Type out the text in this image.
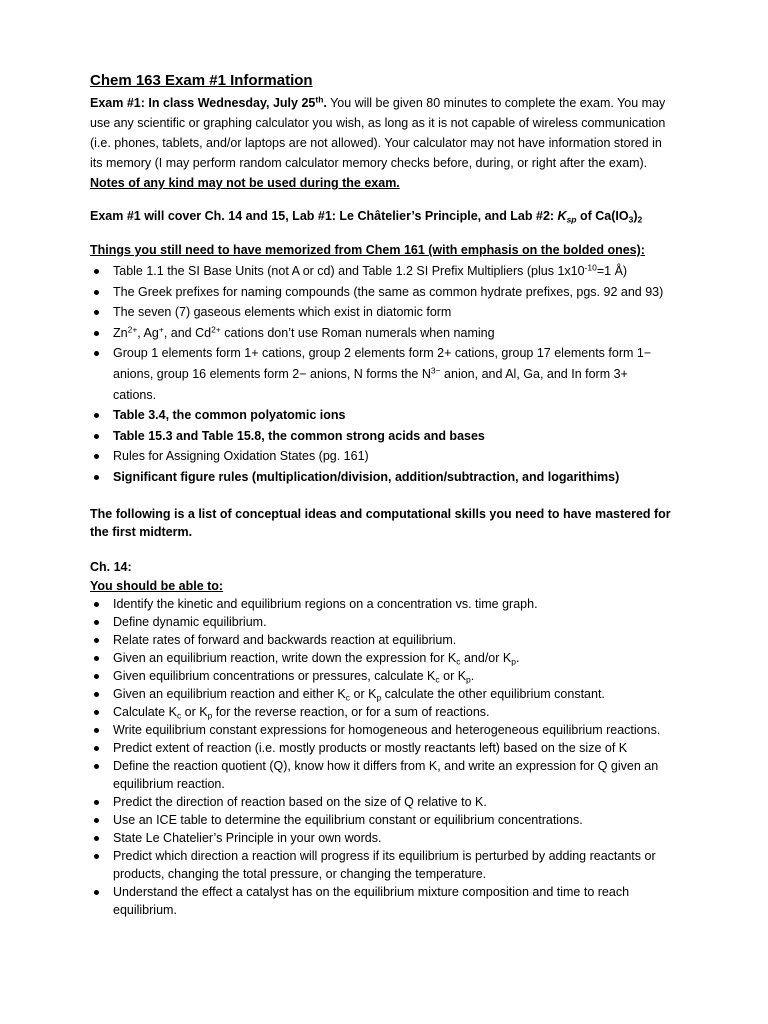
Chem 163 Exam #1 Information

Exam #1: In class Wednesday, July 25th. You will be given 80 minutes to complete the exam. You may use any scientific or graphing calculator you wish, as long as it is not capable of wireless communication (i.e. phones, tablets, and/or laptops are not allowed). Your calculator may not have information stored in its memory (I may perform random calculator memory checks before, during, or right after the exam). Notes of any kind may not be used during the exam.

Exam #1 will cover Ch. 14 and 15, Lab #1: Le Châtelier’s Principle, and Lab #2: $K_{sp}$ of $Ca(IO_3)_2$

Things you still need to have memorized from Chem 161 (with emphasis on the bolded ones):

Table 1.1 the SI Base Units (not A or cd) and Table 1.2 SI Prefix Multipliers (plus $1x10^{-10}=1$ Å)
The Greek prefixes for naming compounds (the same as common hydrate prefixes, pgs. 92 and 93)
The seven (7) gaseous elements which exist in diatomic form
$Zn^{2+}$, Ag+, and $Cd^{2+}$ cations don’t use Roman numerals when naming
Group 1 elements form 1+ cations, group 2 elements form 2+ cations, group 17 elements form 1− anions, group 16 elements form 2− anions, N forms the $N^{3-}$ anion, and Al, Ga, and In form 3+ cations.
Table 3.4, the common polyatomic ions
Table 15.3 and Table 15.8, the common strong acids and bases
Rules for Assigning Oxidation States (pg. 161)
Significant figure rules (multiplication/division, addition/subtraction, and logarithims)

The following is a list of conceptual ideas and computational skills you need to have mastered for the first midterm.

Ch. 14:

You should be able to:

Identify the kinetic and equilibrium regions on a concentration vs. time graph.
Define dynamic equilibrium.
Relate rates of forward and backwards reaction at equilibrium.
Given an equilibrium reaction, write down the expression for $K_c$ and/or $K_p$.
Given equilibrium concentrations or pressures, calculate $K_c$ or $K_p$.
Given an equilibrium reaction and either $K_c$ or $K_p$ calculate the other equilibrium constant.
Calculate $K_c$ or $K_p$ for the reverse reaction, or for a sum of reactions.
Write equilibrium constant expressions for homogeneous and heterogeneous equilibrium reactions.
Predict extent of reaction (i.e. mostly products or mostly reactants left) based on the size of K
Define the reaction quotient (Q), know how it differs from K, and write an expression for Q given an equilibrium reaction.
Predict the direction of reaction based on the size of Q relative to K.
Use an ICE table to determine the equilibrium constant or equilibrium concentrations.
State Le Chatelier’s Principle in your own words.
Predict which direction a reaction will progress if its equilibrium is perturbed by adding reactants or products, changing the total pressure, or changing the temperature.
Understand the effect a catalyst has on the equilibrium mixture composition and time to reach equilibrium.
